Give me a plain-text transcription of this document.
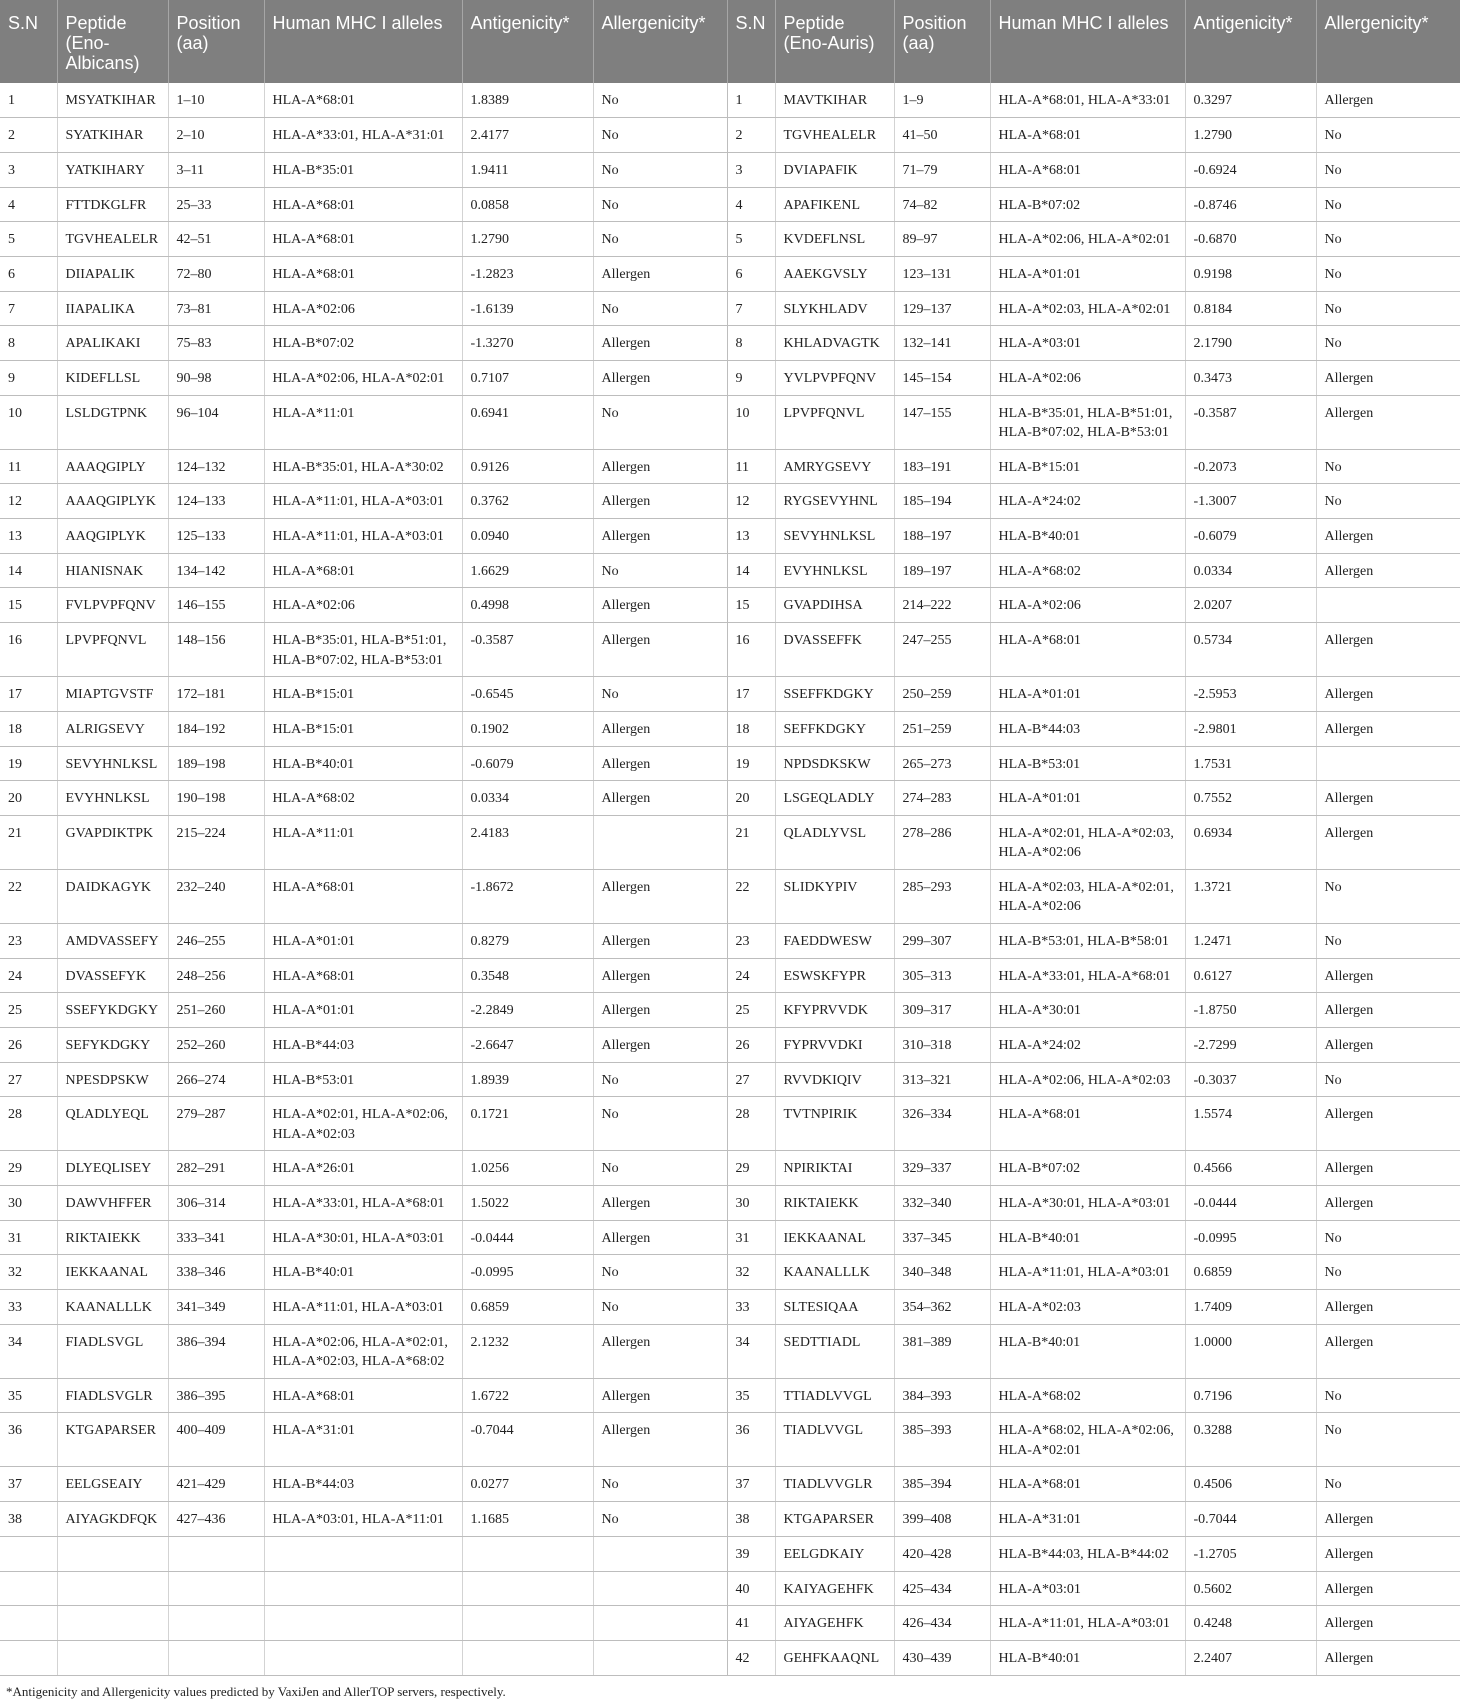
S.N	Peptide (Eno-Albicans)	Position (aa)	Human MHC I alleles	Antigenicity*	Allergenicity*	S.N	Peptide (Eno-Auris)	Position (aa)	Human MHC I alleles	Antigenicity*	Allergenicity*
1	MSYATKIHAR	1–10	HLA-A*68:01	1.8389	No	1	MAVTKIHAR	1–9	HLA-A*68:01, HLA-A*33:01	0.3297	Allergen
2	SYATKIHAR	2–10	HLA-A*33:01, HLA-A*31:01	2.4177	No	2	TGVHEALELR	41–50	HLA-A*68:01	1.2790	No
3	YATKIHARY	3–11	HLA-B*35:01	1.9411	No	3	DVIAPAFIK	71–79	HLA-A*68:01	-0.6924	No
4	FTTDKGLFR	25–33	HLA-A*68:01	0.0858	No	4	APAFIKENL	74–82	HLA-B*07:02	-0.8746	No
5	TGVHEALELR	42–51	HLA-A*68:01	1.2790	No	5	KVDEFLNSL	89–97	HLA-A*02:06, HLA-A*02:01	-0.6870	No
6	DIIAPALIK	72–80	HLA-A*68:01	-1.2823	Allergen	6	AAEKGVSLY	123–131	HLA-A*01:01	0.9198	No
7	IIAPALIKA	73–81	HLA-A*02:06	-1.6139	No	7	SLYKHLADV	129–137	HLA-A*02:03, HLA-A*02:01	0.8184	No
8	APALIKAKI	75–83	HLA-B*07:02	-1.3270	Allergen	8	KHLADVAGTK	132–141	HLA-A*03:01	2.1790	No
9	KIDEFLLSL	90–98	HLA-A*02:06, HLA-A*02:01	0.7107	Allergen	9	YVLPVPFQNV	145–154	HLA-A*02:06	0.3473	Allergen
10	LSLDGTPNK	96–104	HLA-A*11:01	0.6941	No	10	LPVPFQNVL	147–155	HLA-B*35:01, HLA-B*51:01, HLA-B*07:02, HLA-B*53:01	-0.3587	Allergen
11	AAAQGIPLY	124–132	HLA-B*35:01, HLA-A*30:02	0.9126	Allergen	11	AMRYGSEVY	183–191	HLA-B*15:01	-0.2073	No
12	AAAQGIPLYK	124–133	HLA-A*11:01, HLA-A*03:01	0.3762	Allergen	12	RYGSEVYHNL	185–194	HLA-A*24:02	-1.3007	No
13	AAQGIPLYK	125–133	HLA-A*11:01, HLA-A*03:01	0.0940	Allergen	13	SEVYHNLKSL	188–197	HLA-B*40:01	-0.6079	Allergen
14	HIANISNAK	134–142	HLA-A*68:01	1.6629	No	14	EVYHNLKSL	189–197	HLA-A*68:02	0.0334	Allergen
15	FVLPVPFQNV	146–155	HLA-A*02:06	0.4998	Allergen	15	GVAPDIHSA	214–222	HLA-A*02:06	2.0207	
16	LPVPFQNVL	148–156	HLA-B*35:01, HLA-B*51:01, HLA-B*07:02, HLA-B*53:01	-0.3587	Allergen	16	DVASSEFFK	247–255	HLA-A*68:01	0.5734	Allergen
17	MIAPTGVSTF	172–181	HLA-B*15:01	-0.6545	No	17	SSEFFKDGKY	250–259	HLA-A*01:01	-2.5953	Allergen
18	ALRIGSEVY	184–192	HLA-B*15:01	0.1902	Allergen	18	SEFFKDGKY	251–259	HLA-B*44:03	-2.9801	Allergen
19	SEVYHNLKSL	189–198	HLA-B*40:01	-0.6079	Allergen	19	NPDSDKSKW	265–273	HLA-B*53:01	1.7531	
20	EVYHNLKSL	190–198	HLA-A*68:02	0.0334	Allergen	20	LSGEQLADLY	274–283	HLA-A*01:01	0.7552	Allergen
21	GVAPDIKTPK	215–224	HLA-A*11:01	2.4183		21	QLADLYVSL	278–286	HLA-A*02:01, HLA-A*02:03, HLA-A*02:06	0.6934	Allergen
22	DAIDKAGYK	232–240	HLA-A*68:01	-1.8672	Allergen	22	SLIDKYPIV	285–293	HLA-A*02:03, HLA-A*02:01, HLA-A*02:06	1.3721	No
23	AMDVASSEFY	246–255	HLA-A*01:01	0.8279	Allergen	23	FAEDDWESW	299–307	HLA-B*53:01, HLA-B*58:01	1.2471	No
24	DVASSEFYK	248–256	HLA-A*68:01	0.3548	Allergen	24	ESWSKFYPR	305–313	HLA-A*33:01, HLA-A*68:01	0.6127	Allergen
25	SSEFYKDGKY	251–260	HLA-A*01:01	-2.2849	Allergen	25	KFYPRVVDK	309–317	HLA-A*30:01	-1.8750	Allergen
26	SEFYKDGKY	252–260	HLA-B*44:03	-2.6647	Allergen	26	FYPRVVDKI	310–318	HLA-A*24:02	-2.7299	Allergen
27	NPESDPSKW	266–274	HLA-B*53:01	1.8939	No	27	RVVDKIQIV	313–321	HLA-A*02:06, HLA-A*02:03	-0.3037	No
28	QLADLYEQL	279–287	HLA-A*02:01, HLA-A*02:06, HLA-A*02:03	0.1721	No	28	TVTNPIRIK	326–334	HLA-A*68:01	1.5574	Allergen
29	DLYEQLISEY	282–291	HLA-A*26:01	1.0256	No	29	NPIRIKTAI	329–337	HLA-B*07:02	0.4566	Allergen
30	DAWVHFFER	306–314	HLA-A*33:01, HLA-A*68:01	1.5022	Allergen	30	RIKTAIEKK	332–340	HLA-A*30:01, HLA-A*03:01	-0.0444	Allergen
31	RIKTAIEKK	333–341	HLA-A*30:01, HLA-A*03:01	-0.0444	Allergen	31	IEKKAANAL	337–345	HLA-B*40:01	-0.0995	No
32	IEKKAANAL	338–346	HLA-B*40:01	-0.0995	No	32	KAANALLLK	340–348	HLA-A*11:01, HLA-A*03:01	0.6859	No
33	KAANALLLK	341–349	HLA-A*11:01, HLA-A*03:01	0.6859	No	33	SLTESIQAA	354–362	HLA-A*02:03	1.7409	Allergen
34	FIADLSVGL	386–394	HLA-A*02:06, HLA-A*02:01, HLA-A*02:03, HLA-A*68:02	2.1232	Allergen	34	SEDTTIADL	381–389	HLA-B*40:01	1.0000	Allergen
35	FIADLSVGLR	386–395	HLA-A*68:01	1.6722	Allergen	35	TTIADLVVGL	384–393	HLA-A*68:02	0.7196	No
36	KTGAPARSER	400–409	HLA-A*31:01	-0.7044	Allergen	36	TIADLVVGL	385–393	HLA-A*68:02, HLA-A*02:06, HLA-A*02:01	0.3288	No
37	EELGSEAIY	421–429	HLA-B*44:03	0.0277	No	37	TIADLVVGLR	385–394	HLA-A*68:01	0.4506	No
38	AIYAGKDFQK	427–436	HLA-A*03:01, HLA-A*11:01	1.1685	No	38	KTGAPARSER	399–408	HLA-A*31:01	-0.7044	Allergen
						39	EELGDKAIY	420–428	HLA-B*44:03, HLA-B*44:02	-1.2705	Allergen
						40	KAIYAGEHFK	425–434	HLA-A*03:01	0.5602	Allergen
						41	AIYAGEHFK	426–434	HLA-A*11:01, HLA-A*03:01	0.4248	Allergen
						42	GEHFKAAQNL	430–439	HLA-B*40:01	2.2407	Allergen
*Antigenicity and Allergenicity values predicted by VaxiJen and AllerTOP servers, respectively.
